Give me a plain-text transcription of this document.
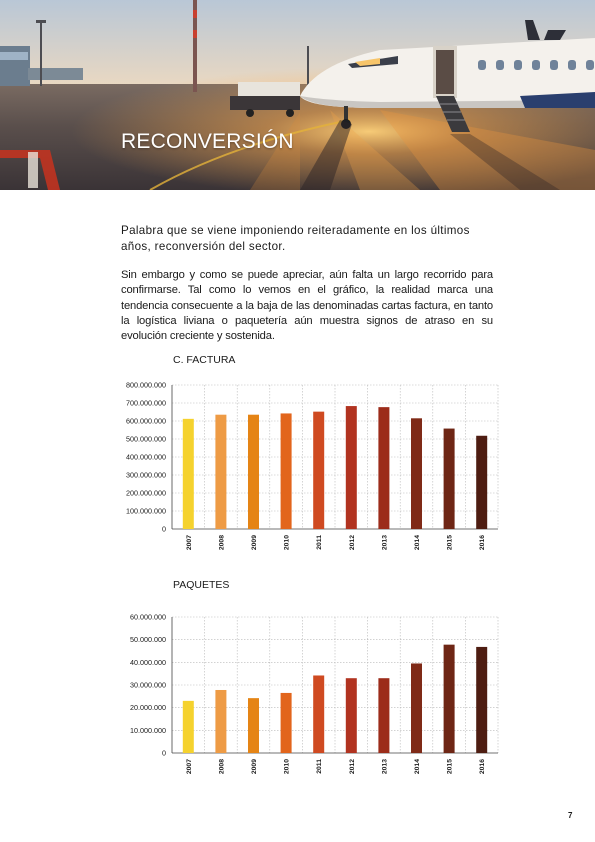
RECONVERSIÓN

Palabra que se viene imponiendo reiteradamente en los últimos años, reconversión del sector.

Sin embargo y como se puede apreciar, aún falta un largo recorrido para confirmarse. Tal como lo vemos en el gráfico, la realidad marca una tendencia consecuente a la baja de las denominadas cartas factura, en tanto la logística liviana o paquetería aún muestra signos de atraso en su evolución creciente y sostenida.

C. FACTURA
0
100.000.000
200.000.000
300.000.000
400.000.000
500.000.000
600.000.000
700.000.000
800.000.000
2007	2008	2009	2010	2011	2012	2013	2014	2015	2016
PAQUETES
0
10.000.000
20.000.000
30.000.000
40.000.000
50.000.000
60.000.000
2007	2008	2009	2010	2011	2012	2013	2014	2015	2016
7
